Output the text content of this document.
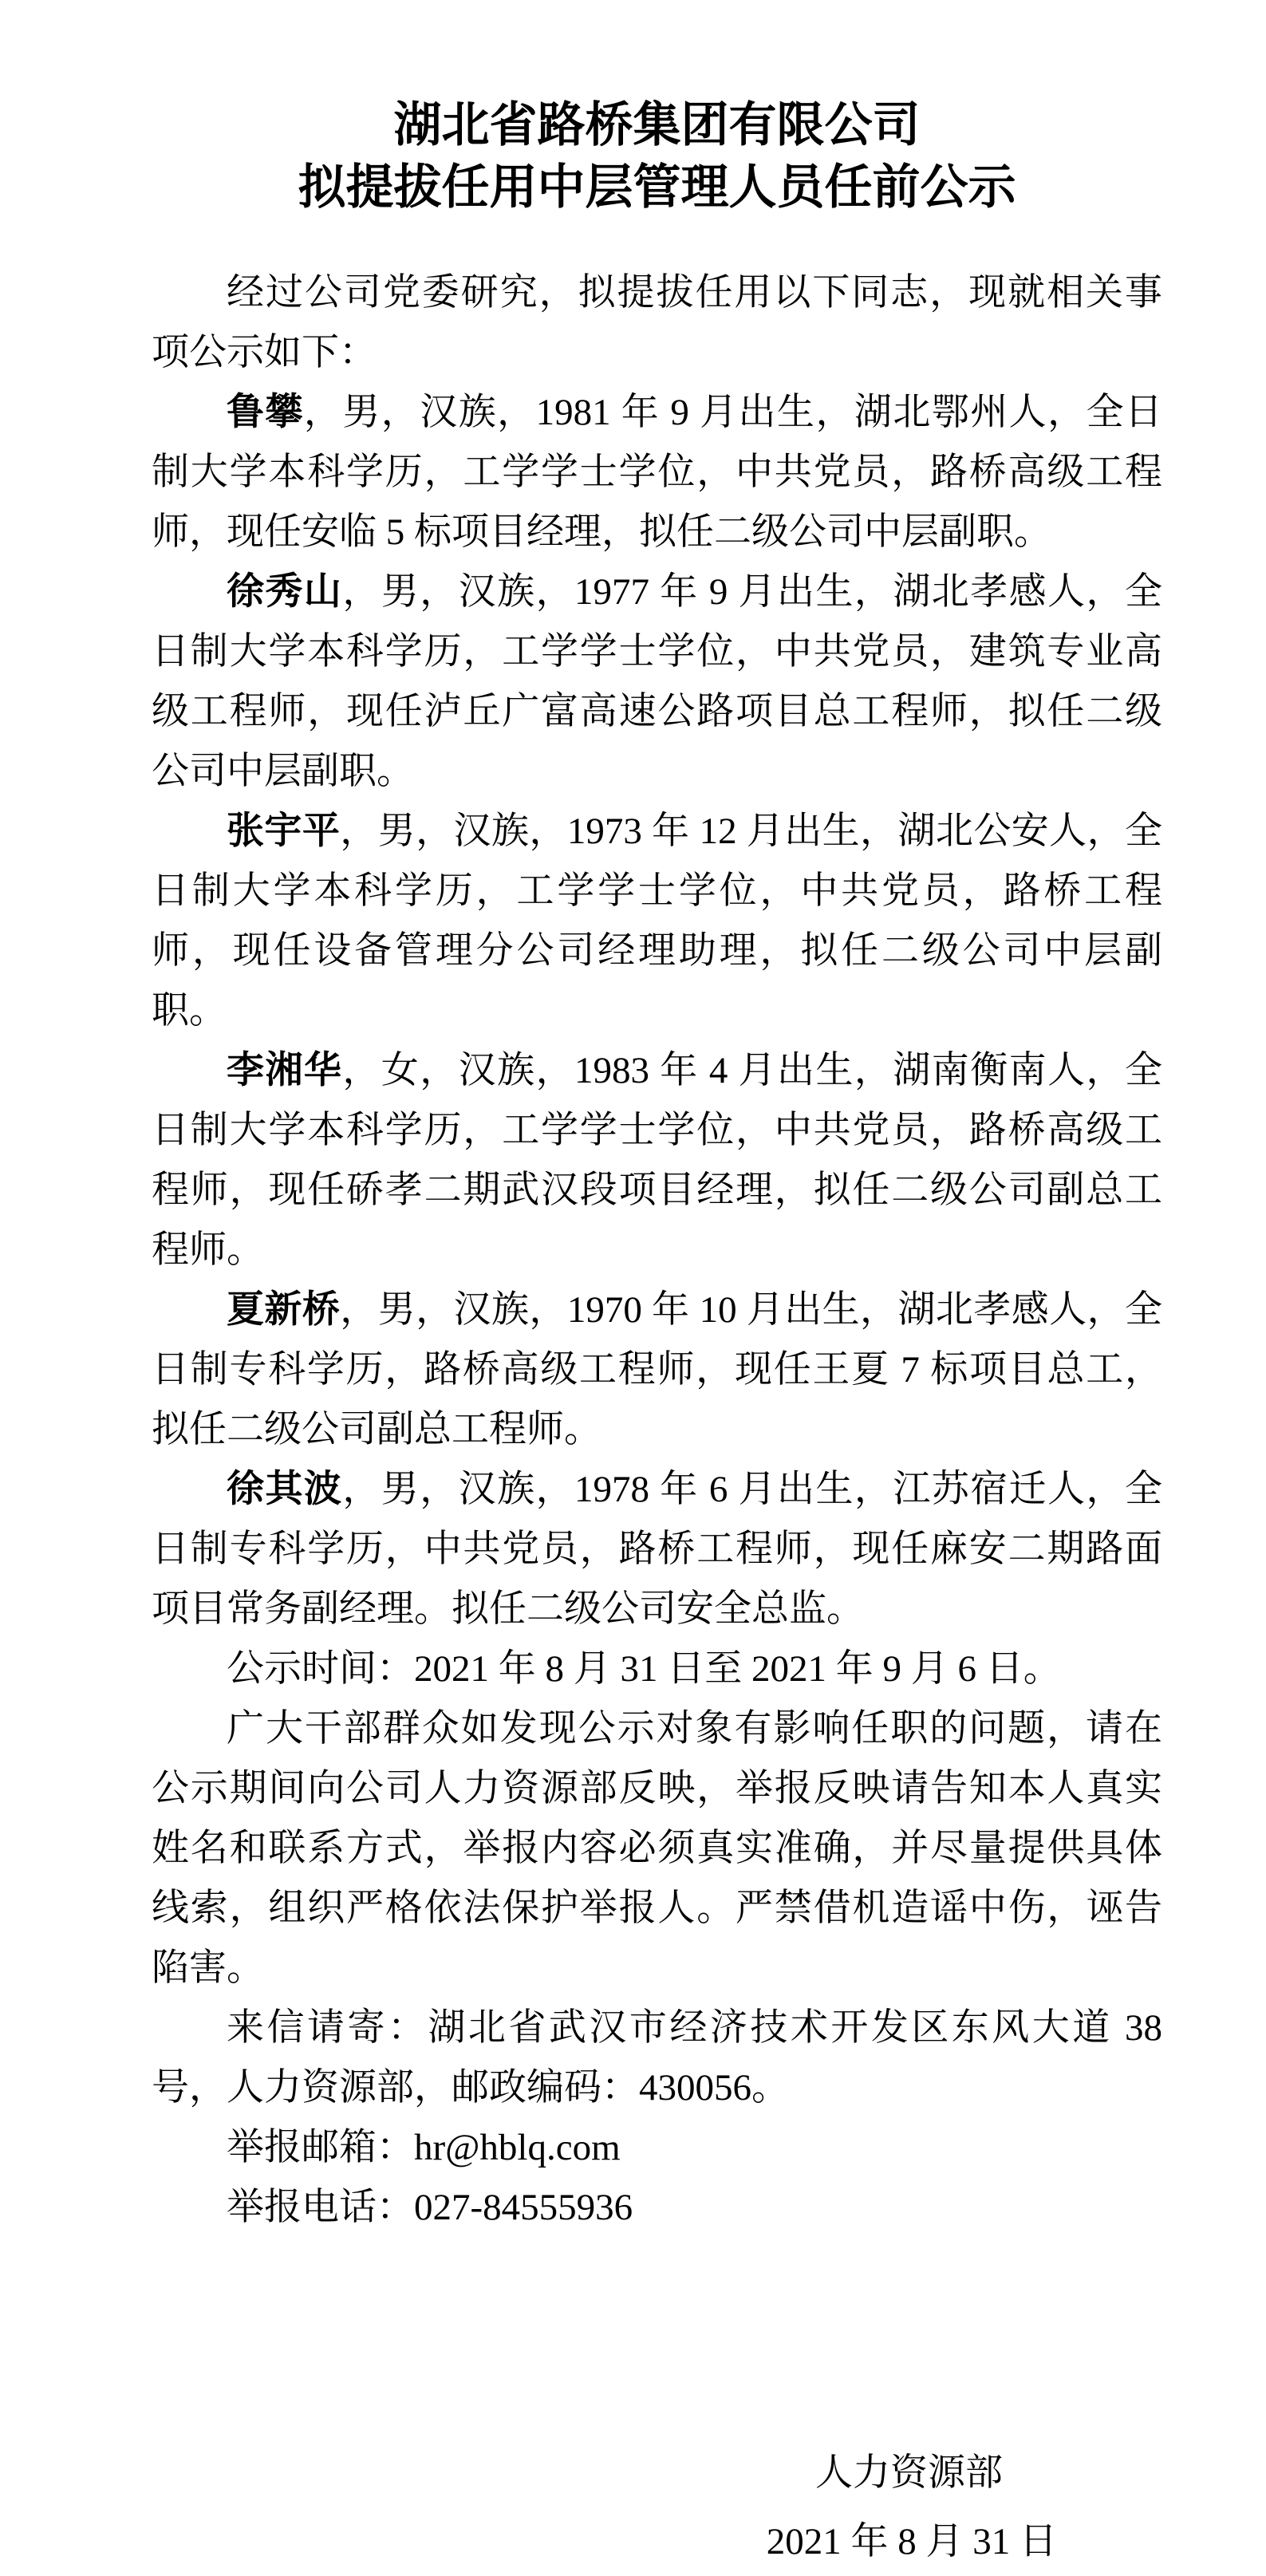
湖北省路桥集团有限公司
拟提拔任用中层管理人员任前公示

经过公司党委研究，拟提拔任用以下同志，现就相关事项公示如下：

鲁攀，男，汉族，1981 年 9 月出生，湖北鄂州人，全日制大学本科学历，工学学士学位，中共党员，路桥高级工程师，现任安临 5 标项目经理，拟任二级公司中层副职。

徐秀山，男，汉族，1977 年 9 月出生，湖北孝感人，全日制大学本科学历，工学学士学位，中共党员，建筑专业高级工程师，现任泸丘广富高速公路项目总工程师，拟任二级公司中层副职。

张宇平，男，汉族，1973 年 12 月出生，湖北公安人，全日制大学本科学历，工学学士学位，中共党员，路桥工程师，现任设备管理分公司经理助理，拟任二级公司中层副职。

李湘华，女，汉族，1983 年 4 月出生，湖南衡南人，全日制大学本科学历，工学学士学位，中共党员，路桥高级工程师，现任硚孝二期武汉段项目经理，拟任二级公司副总工程师。

夏新桥，男，汉族，1970 年 10 月出生，湖北孝感人，全日制专科学历，路桥高级工程师，现任王夏 7 标项目总工，拟任二级公司副总工程师。

徐其波，男，汉族，1978 年 6 月出生，江苏宿迁人，全日制专科学历，中共党员，路桥工程师，现任麻安二期路面项目常务副经理。拟任二级公司安全总监。

公示时间：2021 年 8 月 31 日至 2021 年 9 月 6 日。

广大干部群众如发现公示对象有影响任职的问题，请在公示期间向公司人力资源部反映，举报反映请告知本人真实姓名和联系方式，举报内容必须真实准确，并尽量提供具体线索，组织严格依法保护举报人。严禁借机造谣中伤，诬告陷害。

来信请寄：湖北省武汉市经济技术开发区东风大道 38 号，人力资源部，邮政编码：430056。

举报邮箱：hr@hblq.com

举报电话：027-84555936

人力资源部

2021 年 8 月 31 日
